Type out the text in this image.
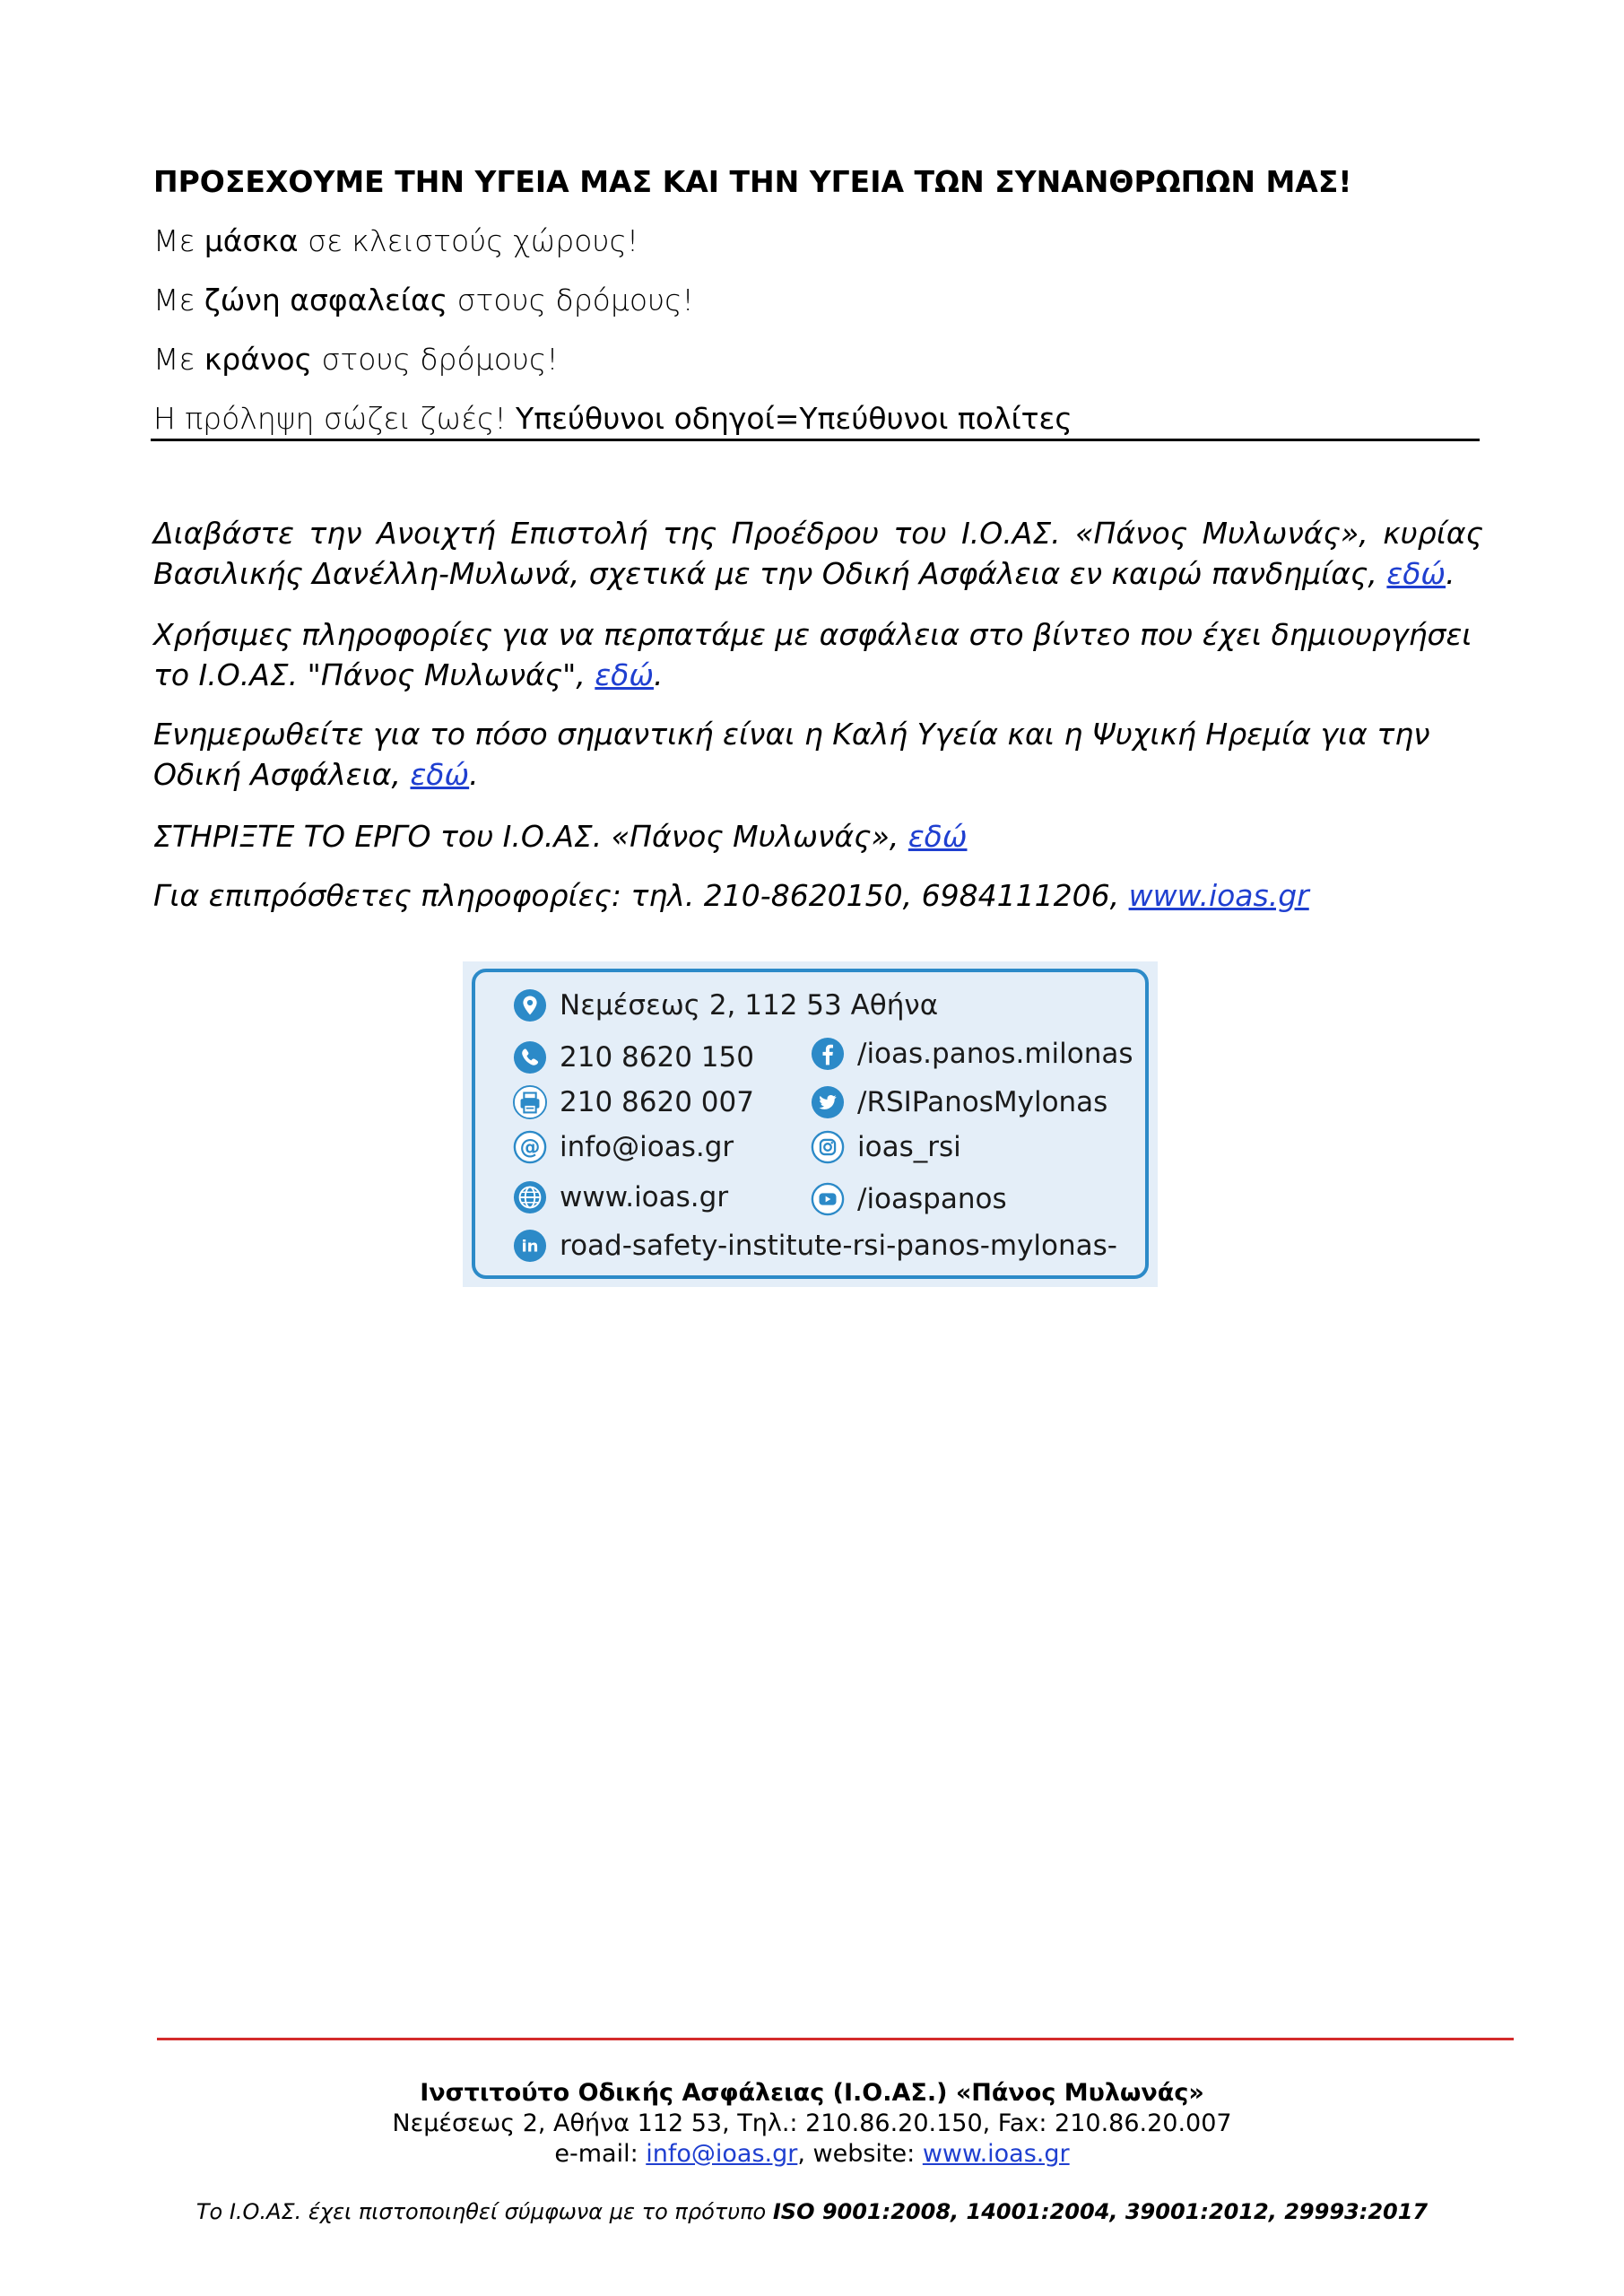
ΠΡΟΣΕΧΟΥΜΕ ΤΗΝ ΥΓΕΙΑ ΜΑΣ ΚΑΙ ΤΗΝ ΥΓΕΙΑ ΤΩΝ ΣΥΝΑΝΘΡΩΠΩΝ ΜΑΣ!

Με μάσκα σε κλειστούς χώρους!

Με ζώνη ασφαλείας στους δρόμους!

Με κράνος στους δρόμους!

Η πρόληψη σώζει ζωές! Υπεύθυνοι οδηγοί=Υπεύθυνοι πολίτες

Διαβάστε την Ανοιχτή Επιστολή της Προέδρου του Ι.Ο.ΑΣ. «Πάνος Μυλωνάς», κυρίας Βασιλικής Δανέλλη-Μυλωνά, σχετικά με την Οδική Ασφάλεια εν καιρώ πανδημίας, εδώ.

Χρήσιμες πληροφορίες για να περπατάμε με ασφάλεια στο βίντεο που έχει δημιουργήσει το Ι.Ο.ΑΣ. "Πάνος Μυλωνάς", εδώ.

Ενημερωθείτε για το πόσο σημαντική είναι η Καλή Υγεία και η Ψυχική Ηρεμία για την Οδική Ασφάλεια, εδώ.

ΣΤΗΡΙΞΤΕ ΤΟ ΕΡΓΟ του Ι.Ο.ΑΣ. «Πάνος Μυλωνάς», εδώ

Για επιπρόσθετες πληροφορίες: τηλ. 210-8620150, 6984111206, www.ioas.gr

Νεμέσεως 2, 112 53 Αθήνα
210 8620 150
210 8620 007
@ info@ioas.gr
www.ioas.gr
in road-safety-institute-rsi-panos-mylonas-
/ioas.panos.milonas
/RSIPanosMylonas
ioas_rsi
/ioaspanos
Ινστιτούτο Οδικής Ασφάλειας (Ι.Ο.ΑΣ.) «Πάνος Μυλωνάς»
Νεμέσεως 2, Αθήνα 112 53, Τηλ.: 210.86.20.150, Fax: 210.86.20.007
e-mail: info@ioas.gr, website: www.ioas.gr
Το Ι.Ο.ΑΣ. έχει πιστοποιηθεί σύμφωνα με το πρότυπο ISO 9001:2008, 14001:2004, 39001:2012, 29993:2017
